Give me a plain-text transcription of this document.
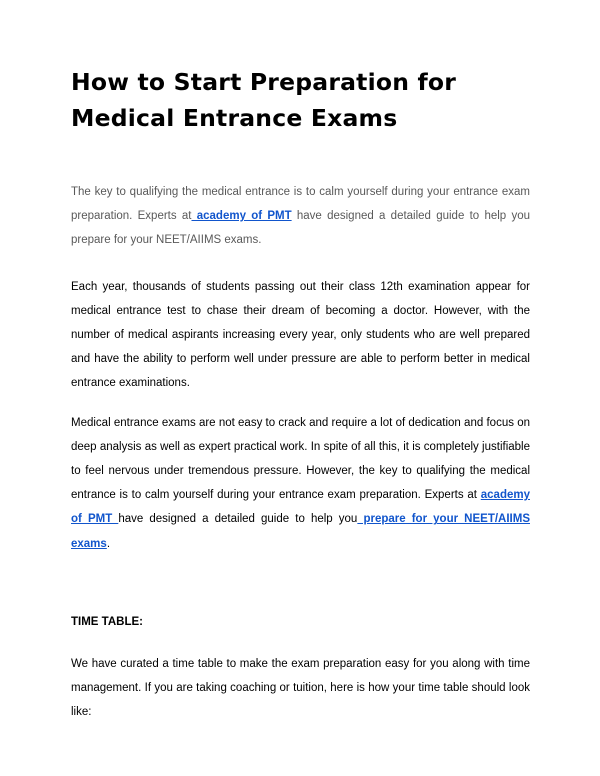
How to Start Preparation for Medical Entrance Exams

The key to qualifying the medical entrance is to calm yourself during your entrance exam preparation. Experts at academy of PMT have designed a detailed guide to help you prepare for your NEET/AIIMS exams.

Each year, thousands of students passing out their class 12th examination appear for medical entrance test to chase their dream of becoming a doctor. However, with the number of medical aspirants increasing every year, only students who are well prepared and have the ability to perform well under pressure are able to perform better in medical entrance examinations.

Medical entrance exams are not easy to crack and require a lot of dedication and focus on deep analysis as well as expert practical work. In spite of all this, it is completely justifiable to feel nervous under tremendous pressure. However, the key to qualifying the medical entrance is to calm yourself during your entrance exam preparation. Experts at academy of PMT have designed a detailed guide to help you prepare for your NEET/AIIMS exams.

TIME TABLE:

We have curated a time table to make the exam preparation easy for you along with time management. If you are taking coaching or tuition, here is how your time table should look like:
